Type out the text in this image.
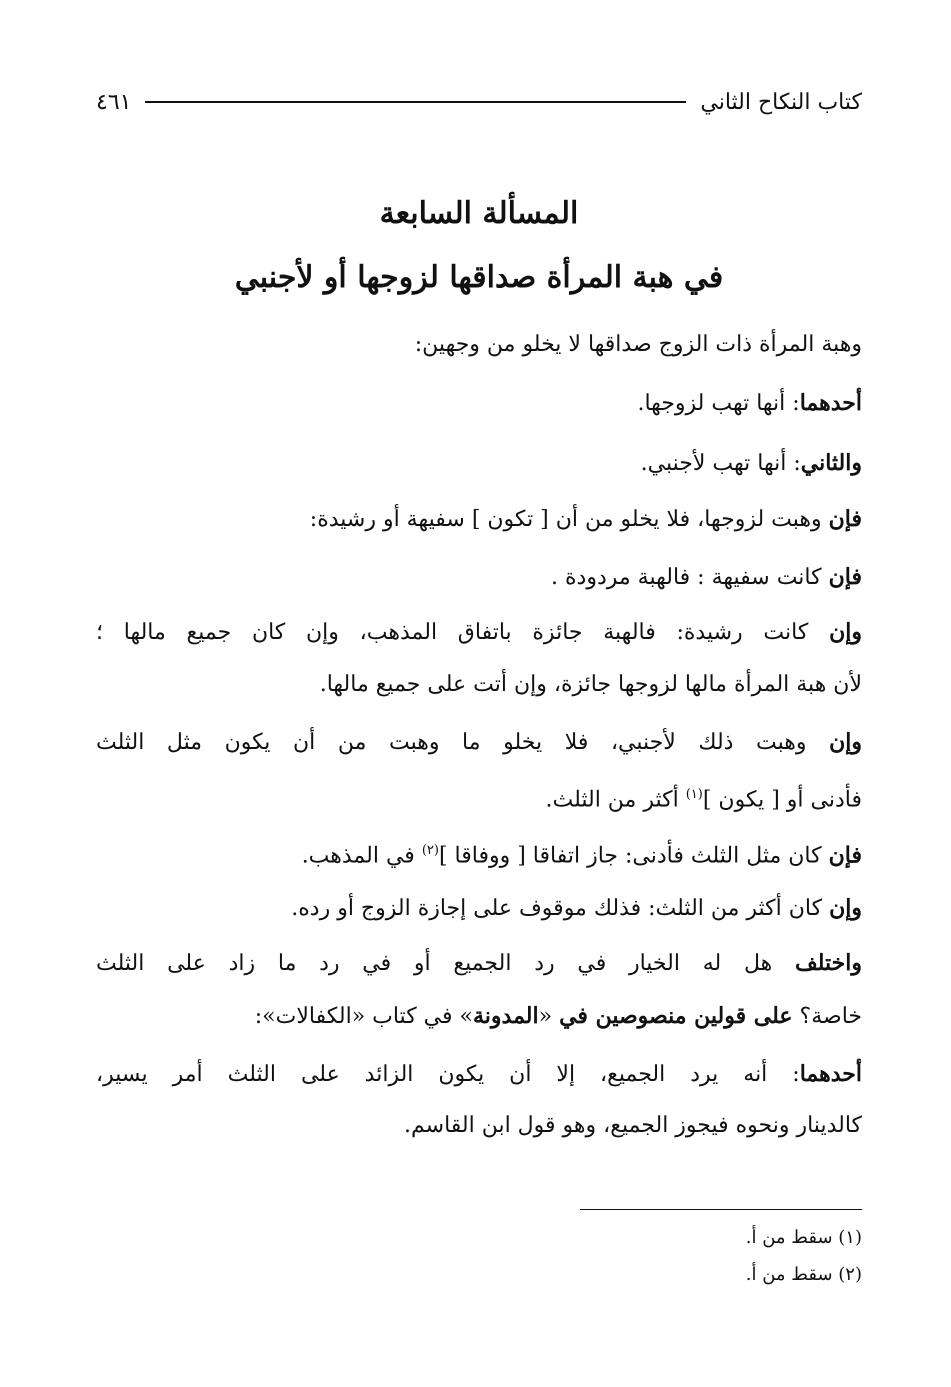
كتاب النكاح الثاني
٤٦١
المسألة السابعة
في هبة المرأة صداقها لزوجها أو لأجنبي
وهبة المرأة ذات الزوج صداقها لا يخلو من وجهين:
أحدهما: أنها تهب لزوجها.
والثاني: أنها تهب لأجنبي.
فإن وهبت لزوجها، فلا يخلو من أن [ تكون ] سفيهة أو رشيدة:
فإن كانت سفيهة : فالهبة مردودة .
وإن كانت رشيدة: فالهبة جائزة باتفاق المذهب، وإن كان جميع مالها ؛
لأن هبة المرأة مالها لزوجها جائزة، وإن أتت على جميع مالها.
وإن وهبت ذلك لأجنبي، فلا يخلو ما وهبت من أن يكون مثل الثلث
فأدنى أو [ يكون ]$^{(١)}$ أكثر من الثلث.
فإن كان مثل الثلث فأدنى: جاز اتفاقا [ ووفاقا ]$^{(٢)}$ في المذهب.
وإن كان أكثر من الثلث: فذلك موقوف على إجازة الزوج أو رده.
واختلف هل له الخيار في رد الجميع أو في رد ما زاد على الثلث
خاصة؟ على قولين منصوصين في «المدونة» في كتاب «الكفالات»:
أحدهما: أنه يرد الجميع، إلا أن يكون الزائد على الثلث أمر يسير،
كالدينار ونحوه فيجوز الجميع، وهو قول ابن القاسم.
(١) سقط من أ.
(٢) سقط من أ.
